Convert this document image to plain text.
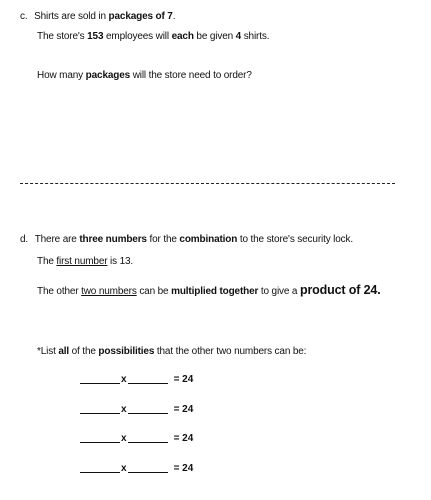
c. Shirts are sold in packages of 7.
The store's 153 employees will each be given 4 shirts.
How many packages will the store need to order?
d. There are three numbers for the combination to the store's security lock.
The first number is 13.
The other two numbers can be multiplied together to give a product of 24.
*List all of the possibilities that the other two numbers can be:
x	= 24
x	= 24
x	= 24
x	= 24
